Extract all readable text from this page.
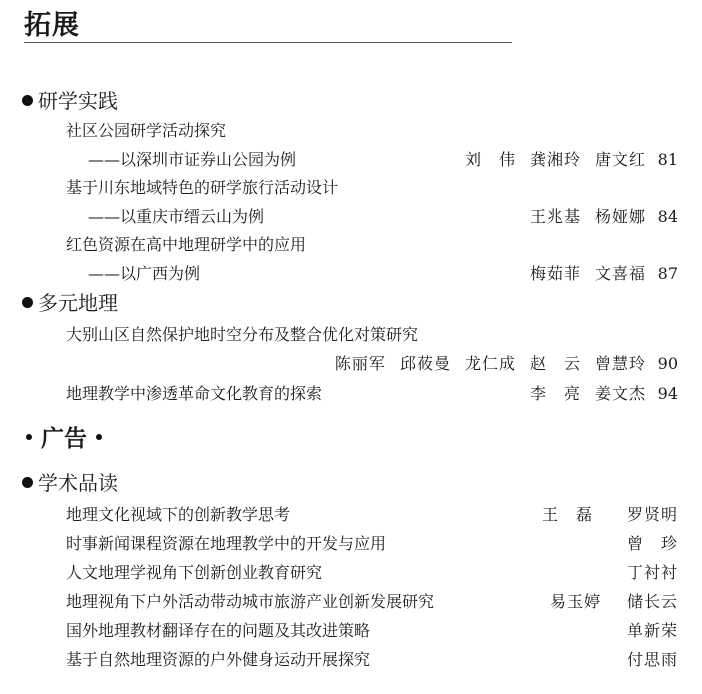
拓展
研学实践
社区公园研学活动探究
——以深圳市证券山公园为例	刘　伟 龚湘玲 唐文红 81
基于川东地域特色的研学旅行活动设计
——以重庆市缙云山为例	王兆基 杨娅娜 84
红色资源在高中地理研学中的应用
——以广西为例	梅茹菲 文喜福 87
多元地理
大别山区自然保护地时空分布及整合优化对策研究
陈丽军 邱莜曼 龙仁成 赵　云 曾慧玲 90
地理教学中渗透革命文化教育的探索	李　亮 姜文杰 94
广告
学术品读
地理文化视域下的创新教学思考	王　磊 罗贤明
时事新闻课程资源在地理教学中的开发与应用	曾　珍
人文地理学视角下创新创业教育研究	丁衬衬
地理视角下户外活动带动城市旅游产业创新发展研究	易玉婷 储长云
国外地理教材翻译存在的问题及其改进策略	单新荣
基于自然地理资源的户外健身运动开展探究	付思雨
